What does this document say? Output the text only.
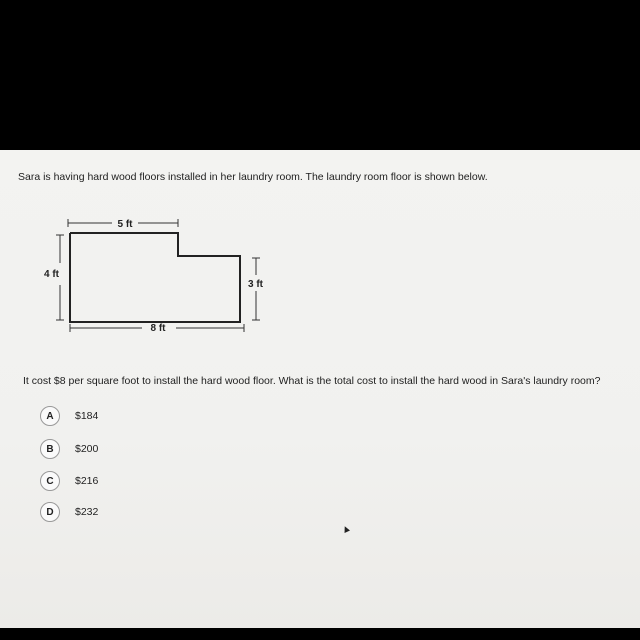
Sara is having hard wood floors installed in her laundry room. The laundry room floor is shown below.
5 ft
4 ft
3 ft
8 ft
It cost $8 per square foot to install the hard wood floor. What is the total cost to install the hard wood in Sara's laundry room?
A	$184
B	$200
C	$216
D	$232
